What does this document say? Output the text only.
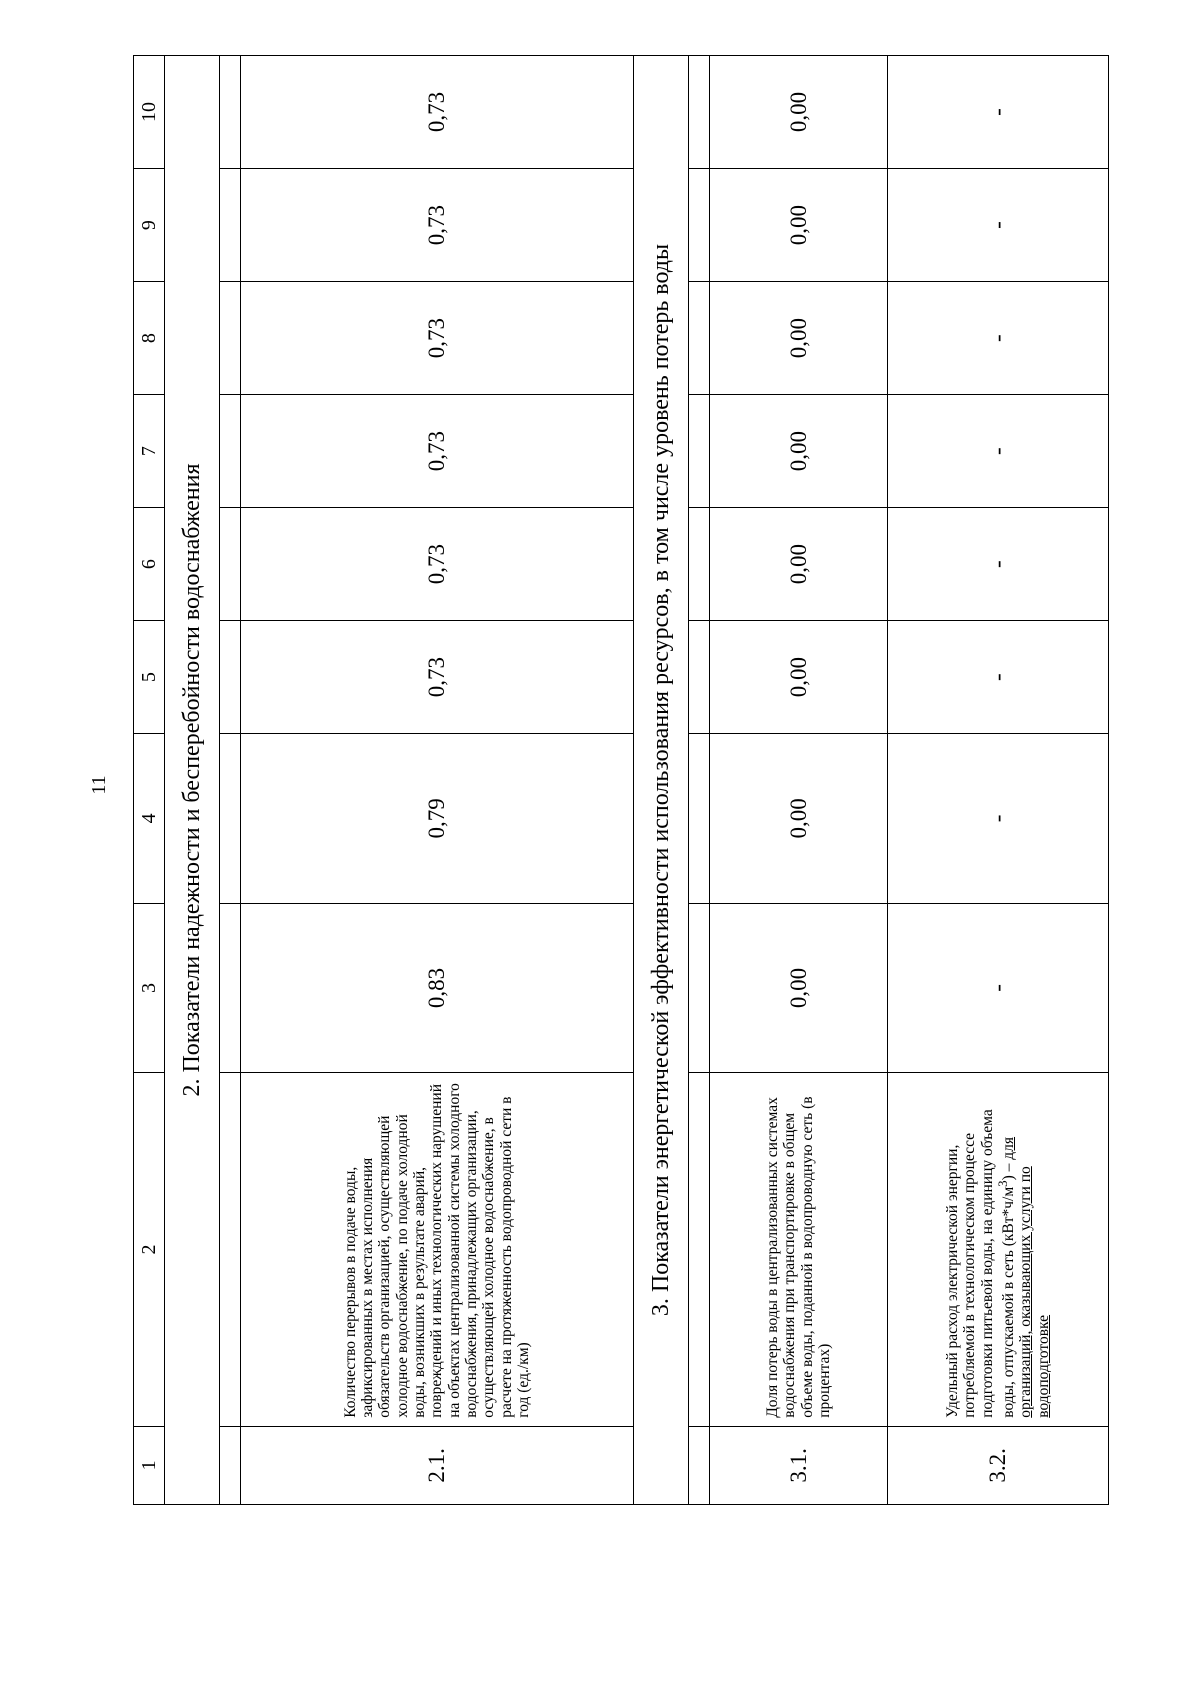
11
1	2	3	4	5	6	7	8	9	10
2. Показатели надежности и бесперебойности водоснабжения									

2.1.	Количество перерывов в подаче воды, зафиксированных в местах исполнения обязательств организацией, осуществляющей холодное водоснабжение, по подаче холодной воды, возникших в результате аварий, повреждений и иных технологических нарушений на объектах централизованной системы холодного водоснабжения, принадлежащих организации, осуществляющей холодное водоснабжение, в расчете на протяженность водопроводной сети в год (ед./км)	0,83	0,79	0,73	0,73	0,73	0,73	0,73	0,73
3. Показатели энергетической эффективности использования ресурсов, в том числе уровень потерь воды									

3.1.	Доля потерь воды в централизованных системах водоснабжения при транспортировке в общем объеме воды, поданной в водопроводную сеть (в процентах)	0,00	0,00	0,00	0,00	0,00	0,00	0,00	0,00
3.2.	Удельный расход электрической энергии, потребляемой в технологическом процессе подготовки питьевой воды, на единицу объема воды, отпускаемой в сеть $(кВт*ч/м^3)$ – для организаций, оказывающих услуги по водоподготовке	-	-	-	-	-	-	-	-
